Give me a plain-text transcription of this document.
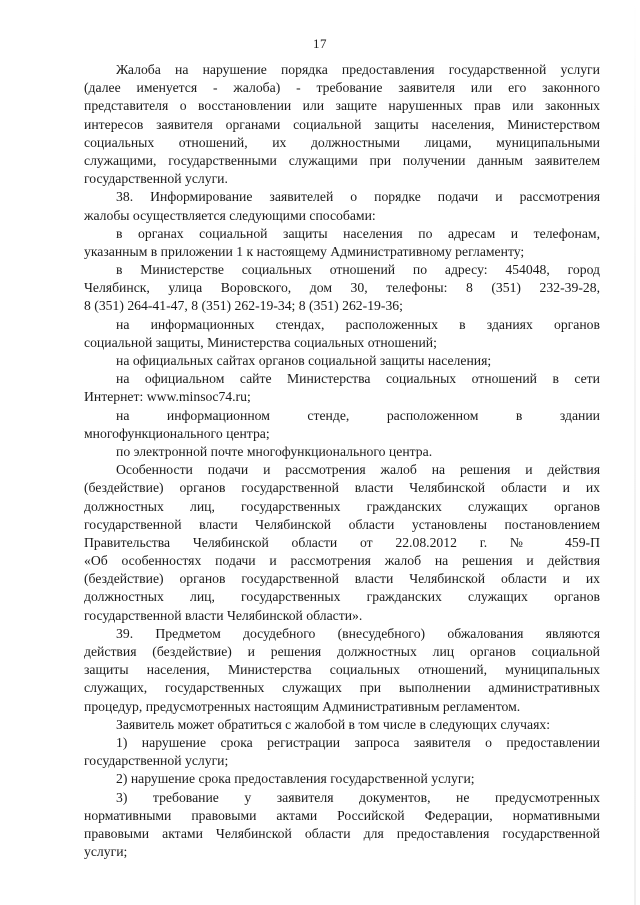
17
Жалоба на нарушение порядка предоставления государственной услуги
(далее именуется - жалоба) - требование заявителя или его законного
представителя о восстановлении или защите нарушенных прав или законных
интересов заявителя органами социальной защиты населения, Министерством
социальных отношений, их должностными лицами, муниципальными
служащими, государственными служащими при получении данным заявителем
государственной услуги.
38. Информирование заявителей о порядке подачи и рассмотрения
жалобы осуществляется следующими способами:
в органах социальной защиты населения по адресам и телефонам,
указанным в приложении 1 к настоящему Административному регламенту;
в Министерстве социальных отношений по адресу: 454048, город
Челябинск, улица Воровского, дом 30, телефоны: 8 (351) 232-39-28,
8 (351) 264-41-47, 8 (351) 262-19-34; 8 (351) 262-19-36;
на информационных стендах, расположенных в зданиях органов
социальной защиты, Министерства социальных отношений;
на официальных сайтах органов социальной защиты населения;
на официальном сайте Министерства социальных отношений в сети
Интернет: www.minsoc74.ru;
на информационном стенде, расположенном в здании
многофункционального центра;
по электронной почте многофункционального центра.
Особенности подачи и рассмотрения жалоб на решения и действия
(бездействие) органов государственной власти Челябинской области и их
должностных лиц, государственных гражданских служащих органов
государственной власти Челябинской области установлены постановлением
Правительства Челябинской области от 22.08.2012 г. № 459-П
«Об особенностях подачи и рассмотрения жалоб на решения и действия
(бездействие) органов государственной власти Челябинской области и их
должностных лиц, государственных гражданских служащих органов
государственной власти Челябинской области».
39. Предметом досудебного (внесудебного) обжалования являются
действия (бездействие) и решения должностных лиц органов социальной
защиты населения, Министерства социальных отношений, муниципальных
служащих, государственных служащих при выполнении административных
процедур, предусмотренных настоящим Административным регламентом.
Заявитель может обратиться с жалобой в том числе в следующих случаях:
1) нарушение срока регистрации запроса заявителя о предоставлении
государственной услуги;
2) нарушение срока предоставления государственной услуги;
3) требование у заявителя документов, не предусмотренных
нормативными правовыми актами Российской Федерации, нормативными
правовыми актами Челябинской области для предоставления государственной
услуги;
